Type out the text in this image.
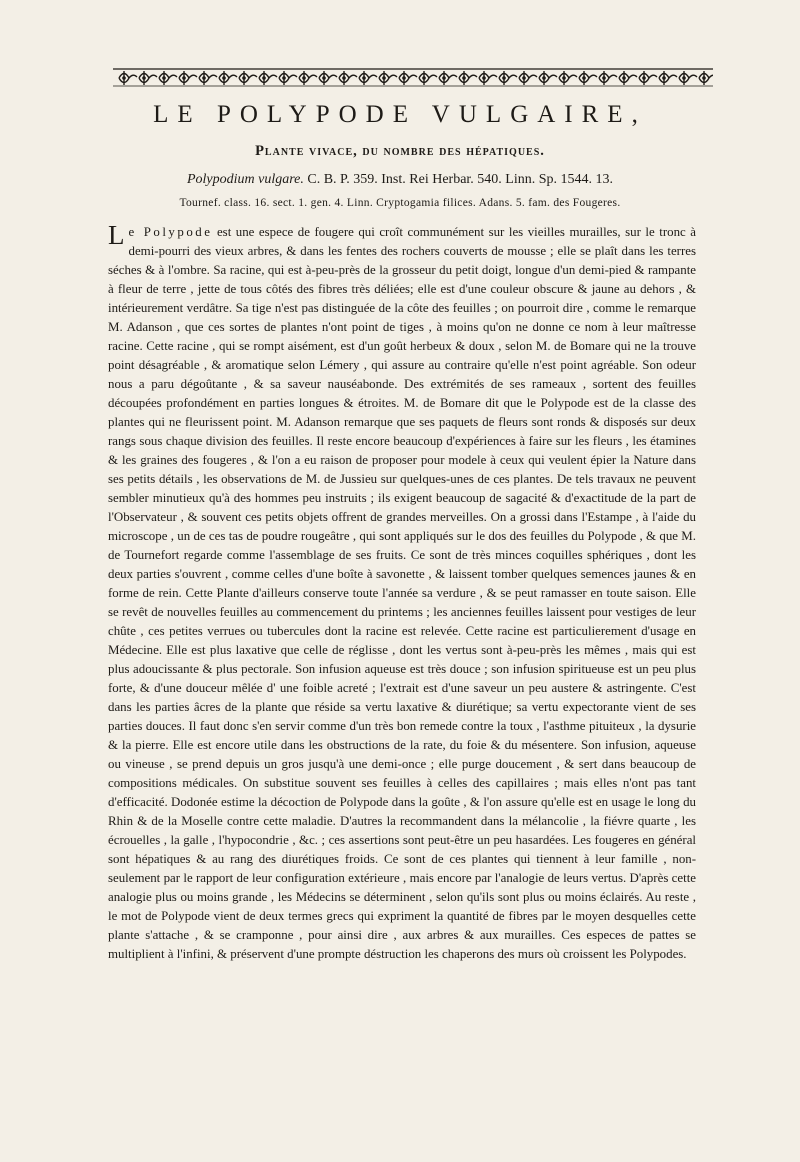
LE POLYPODE VULGAIRE,
Plante vivace, du nombre des hépatiques.
Polypodium vulgare. C. B. P. 359. Inst. Rei Herbar. 540. Linn. Sp. 1544. 13.
Tournef. class. 16. sect. 1. gen. 4. Linn. Cryptogamia filices. Adans. 5. fam. des Fougeres.

Le Polypode est une espece de fougere qui croît communément sur les vieilles murailles, sur le tronc à demi-pourri des vieux arbres, & dans les fentes des rochers couverts de mousse ; elle se plaît dans les terres séches & à l'ombre. Sa racine, qui est à-peu-près de la grosseur du petit doigt, longue d'un demi-pied & rampante à fleur de terre , jette de tous côtés des fibres très déliées; elle est d'une couleur obscure & jaune au dehors , & intérieurement verdâtre. Sa tige n'est pas distinguée de la côte des feuilles ; on pourroit dire , comme le remarque M. Adanson , que ces sortes de plantes n'ont point de tiges , à moins qu'on ne donne ce nom à leur maîtresse racine. Cette racine , qui se rompt aisément, est d'un goût herbeux & doux , selon M. de Bomare qui ne la trouve point désagréable , & aromatique selon Lémery , qui assure au contraire qu'elle n'est point agréable. Son odeur nous a paru dégoûtante , & sa saveur nauséabonde. Des extrémités de ses rameaux , sortent des feuilles découpées profondément en parties longues & étroites. M. de Bomare dit que le Polypode est de la classe des plantes qui ne fleurissent point. M. Adanson remarque que ses paquets de fleurs sont ronds & disposés sur deux rangs sous chaque division des feuilles. Il reste encore beaucoup d'expériences à faire sur les fleurs , les étamines & les graines des fougeres , & l'on a eu raison de proposer pour modele à ceux qui veulent épier la Nature dans ses petits détails , les observations de M. de Jussieu sur quelques-unes de ces plantes. De tels travaux ne peuvent sembler minutieux qu'à des hommes peu instruits ; ils exigent beaucoup de sagacité & d'exactitude de la part de l'Observateur , & souvent ces petits objets offrent de grandes merveilles. On a grossi dans l'Estampe , à l'aide du microscope , un de ces tas de poudre rougeâtre , qui sont appliqués sur le dos des feuilles du Polypode , & que M. de Tournefort regarde comme l'assemblage de ses fruits. Ce sont de très minces coquilles sphériques , dont les deux parties s'ouvrent , comme celles d'une boîte à savonette , & laissent tomber quelques semences jaunes & en forme de rein. Cette Plante d'ailleurs conserve toute l'année sa verdure , & se peut ramasser en toute saison. Elle se revêt de nouvelles feuilles au commencement du printems ; les anciennes feuilles laissent pour vestiges de leur chûte , ces petites verrues ou tubercules dont la racine est relevée. Cette racine est particulierement d'usage en Médecine. Elle est plus laxative que celle de réglisse , dont les vertus sont à-peu-près les mêmes , mais qui est plus adoucissante & plus pectorale. Son infusion aqueuse est très douce ; son infusion spiritueuse est un peu plus forte, & d'une douceur mêlée d' une foible acreté ; l'extrait est d'une saveur un peu austere & astringente. C'est dans les parties âcres de la plante que réside sa vertu laxative & diurétique; sa vertu expectorante vient de ses parties douces. Il faut donc s'en servir comme d'un très bon remede contre la toux , l'asthme pituiteux , la dysurie & la pierre. Elle est encore utile dans les obstructions de la rate, du foie & du mésentere. Son infusion, aqueuse ou vineuse , se prend depuis un gros jusqu'à une demi-once ; elle purge doucement , & sert dans beaucoup de compositions médicales. On substitue souvent ses feuilles à celles des capillaires ; mais elles n'ont pas tant d'efficacité. Dodonée estime la décoction de Polypode dans la goûte , & l'on assure qu'elle est en usage le long du Rhin & de la Moselle contre cette maladie. D'autres la recommandent dans la mélancolie , la fiévre quarte , les écrouelles , la galle , l'hypocondrie , &c. ; ces assertions sont peut-être un peu hasardées. Les fougeres en général sont hépatiques & au rang des diurétiques froids. Ce sont de ces plantes qui tiennent à leur famille , non-seulement par le rapport de leur configuration extérieure , mais encore par l'analogie de leurs vertus. D'après cette analogie plus ou moins grande , les Médecins se déterminent , selon qu'ils sont plus ou moins éclairés. Au reste , le mot de Polypode vient de deux termes grecs qui expriment la quantité de fibres par le moyen desquelles cette plante s'attache , & se cramponne , pour ainsi dire , aux arbres & aux murailles. Ces especes de pattes se multiplient à l'infini, & préservent d'une prompte déstruction les chaperons des murs où croissent les Polypodes.
